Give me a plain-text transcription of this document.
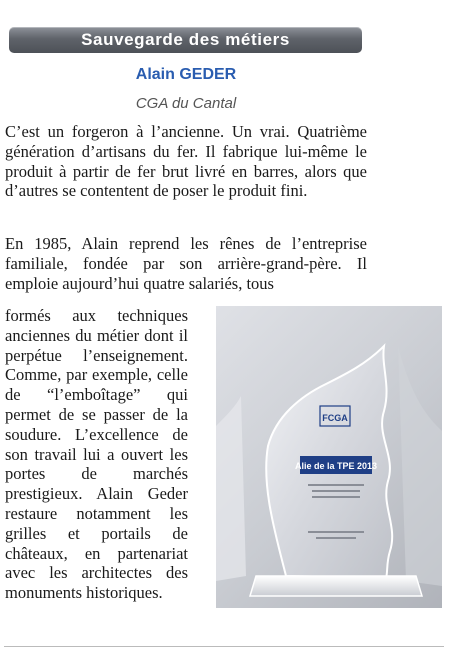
Sauvegarde des métiers
Alain GEDER
CGA du Cantal

C’est un forgeron à l’ancienne. Un vrai. Quatrième génération d’artisans du fer. Il fabrique lui-même le produit à partir de fer brut livré en barres, alors que d’autres se contentent de poser le produit fini.

En 1985, Alain reprend les rênes de l’entreprise familiale, fondée par son arrière-grand-père. Il emploie aujourd’hui quatre salariés, tous

formés aux techniques anciennes du métier dont il perpétue l’enseignement. Comme, par exemple, celle de “l’emboîtage” qui permet de se passer de la soudure. L’excellence de son travail lui a ouvert les portes de marchés prestigieux. Alain Geder restaure notamment les grilles et portails de châteaux, en partenariat avec les architectes des monuments historiques.

Alie de la TPE 2013
FCGA
